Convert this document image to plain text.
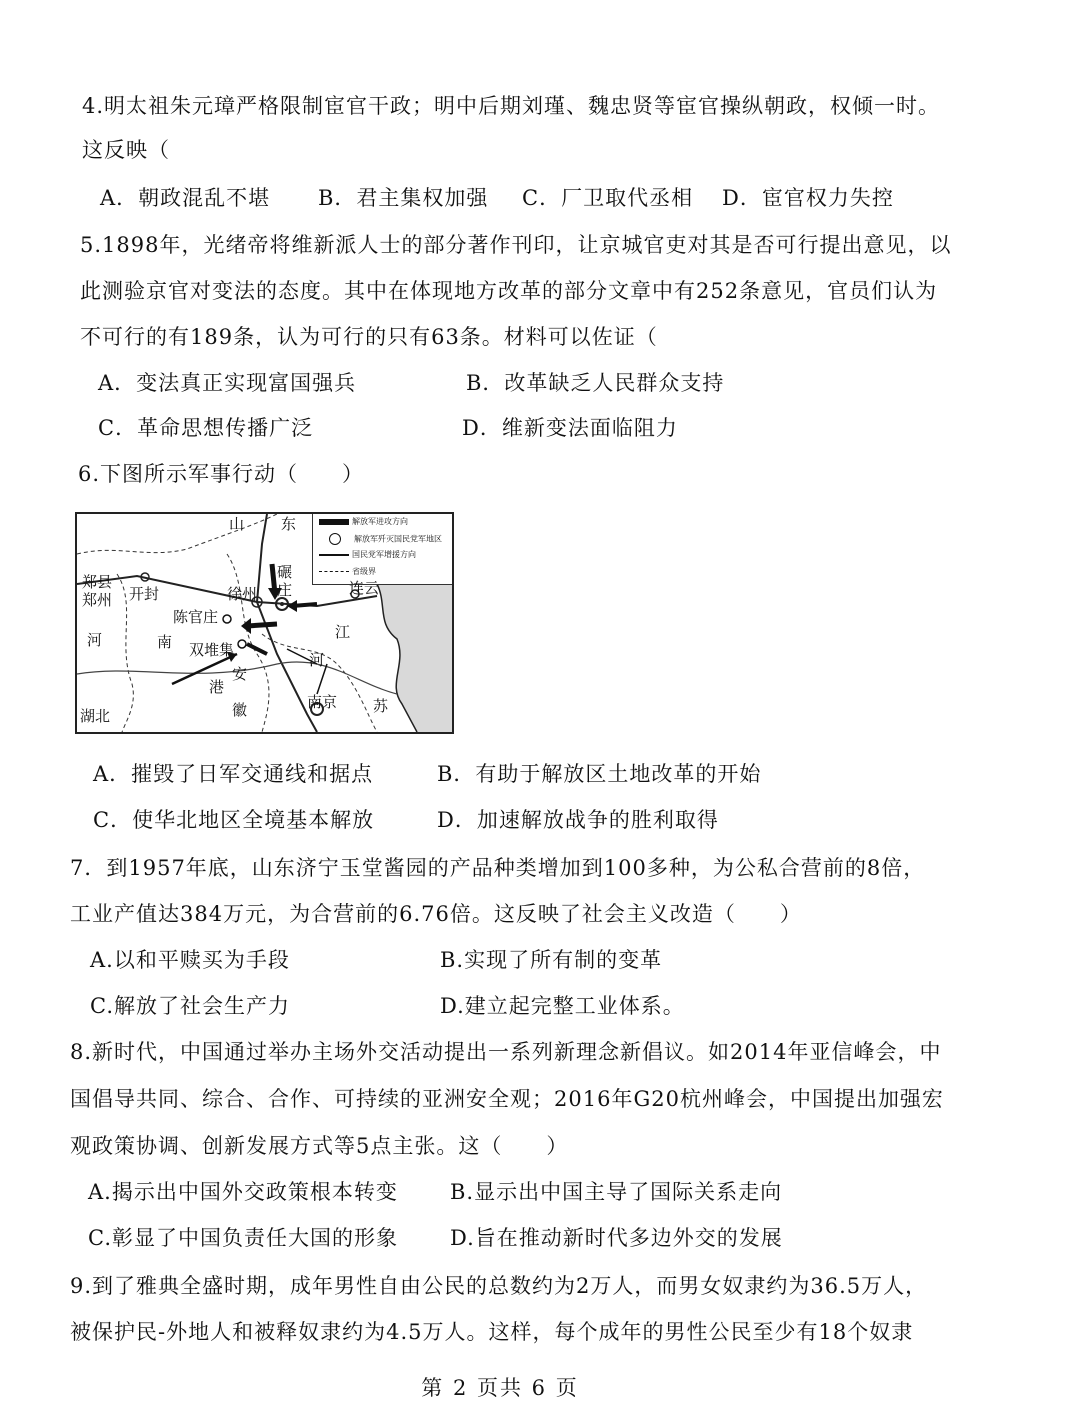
4.明太祖朱元璋严格限制宦官干政；明中后期刘瑾、魏忠贤等宦官操纵朝政，权倾一时。
这反映（
A．朝政混乱不堪 B．君主集权加强 C．厂卫取代丞相 D．宦官权力失控
5.1898年，光绪帝将维新派人士的部分著作刊印，让京城官吏对其是否可行提出意见，以
此测验京官对变法的态度。其中在体现地方改革的部分文章中有252条意见，官员们认为
不可行的有189条，认为可行的只有63条。材料可以佐证（
A．变法真正实现富国强兵	B．改革缺乏人民群众支持
C．革命思想传播广泛	D．维新变法面临阻力
6.下图所示军事行动（　　）
解放军进攻方向
解放军歼灭国民党军地区
国民党军增援方向
省级界
山 东
郑县
郑州 开封	徐州
碾
庄	连云
陈官庄
河	南
江
双堆集
河
安
港
徽
湖北
南京 苏
A．摧毁了日军交通线和据点	B．有助于解放区土地改革的开始
C．使华北地区全境基本解放	D．加速解放战争的胜利取得
7．到1957年底，山东济宁玉堂酱园的产品种类增加到100多种，为公私合营前的8倍，
工业产值达384万元，为合营前的6.76倍。这反映了社会主义改造（　　）
A.以和平赎买为手段	B.实现了所有制的变革
C.解放了社会生产力	D.建立起完整工业体系。
8.新时代，中国通过举办主场外交活动提出一系列新理念新倡议。如2014年亚信峰会，中
国倡导共同、综合、合作、可持续的亚洲安全观；2016年G20杭州峰会，中国提出加强宏
观政策协调、创新发展方式等5点主张。这（　　）
A.揭示出中国外交政策根本转变 B.显示出中国主导了国际关系走向
C.彰显了中国负责任大国的形象 D.旨在推动新时代多边外交的发展
9.到了雅典全盛时期，成年男性自由公民的总数约为2万人，而男女奴隶约为36.5万人，
被保护民-外地人和被释奴隶约为4.5万人。这样，每个成年的男性公民至少有18个奴隶
第 2 页共 6 页
